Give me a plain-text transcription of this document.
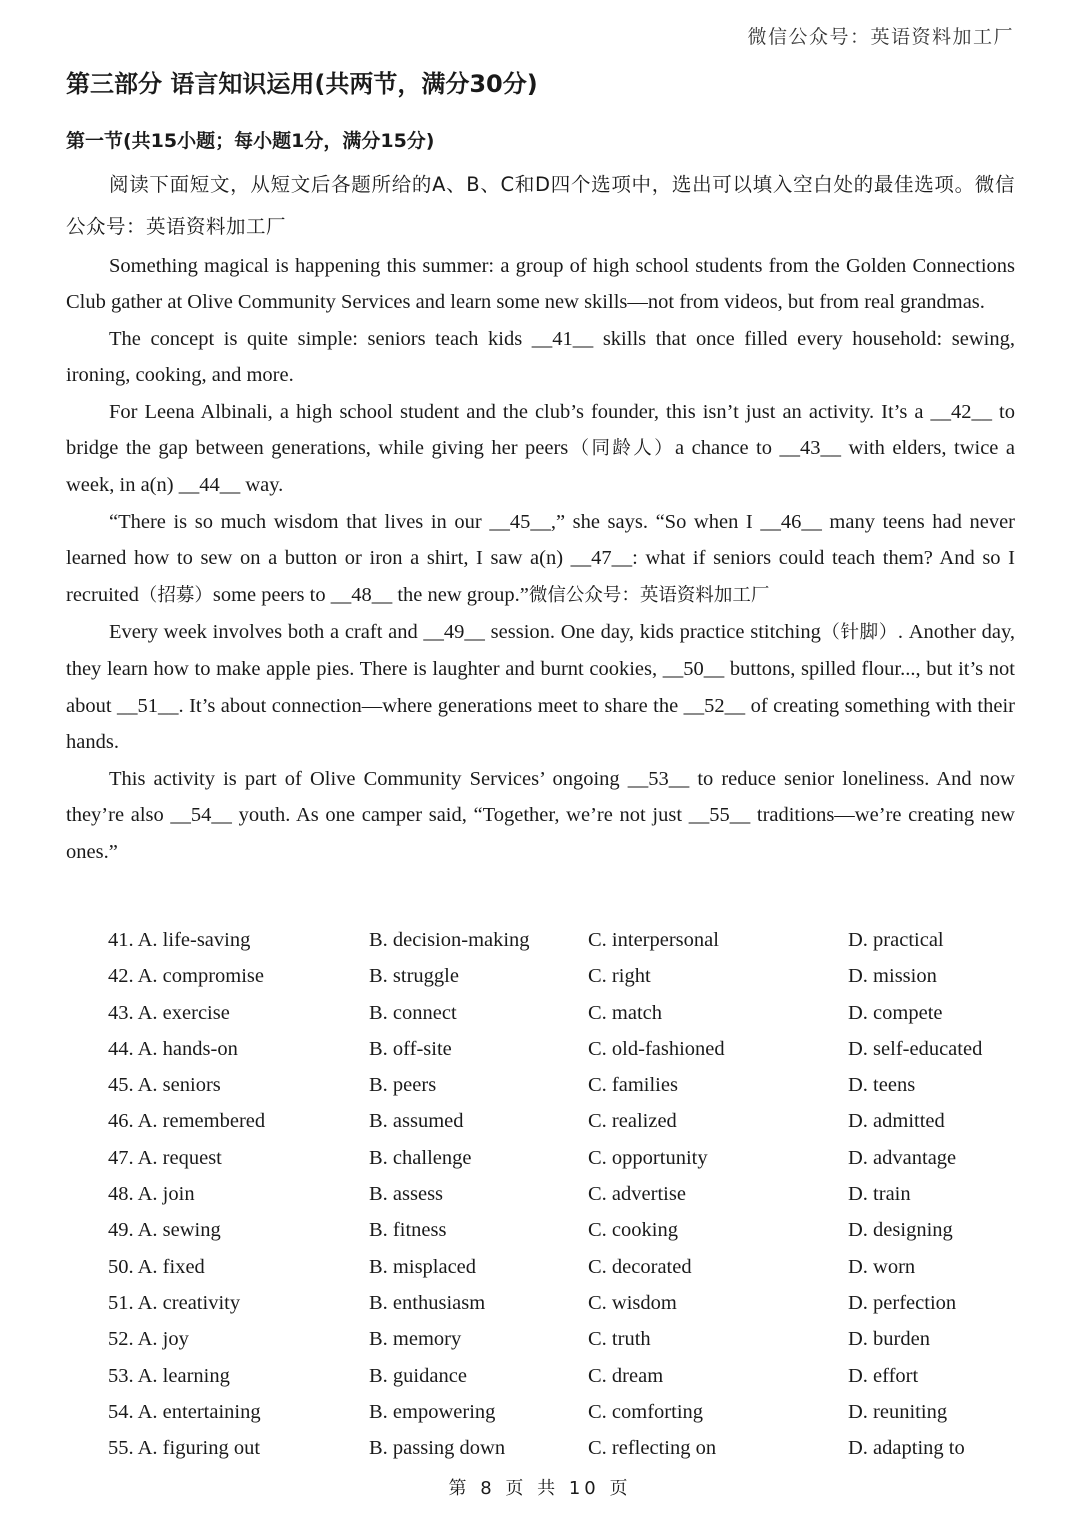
微信公众号：英语资料加工厂
第三部分 语言知识运用(共两节，满分30分)
第一节(共15小题；每小题1分，满分15分)

阅读下面短文，从短文后各题所给的A、B、C和D四个选项中，选出可以填入空白处的最佳选项。微信公众号：英语资料加工厂

Something magical is happening this summer: a group of high school students from the Golden Connections Club gather at Olive Community Services and learn some new skills—not from videos, but from real grandmas.

The concept is quite simple: seniors teach kids __41__ skills that once filled every household: sewing, ironing, cooking, and more.

For Leena Albinali, a high school student and the club’s founder, this isn’t just an activity. It’s a __42__ to bridge the gap between generations, while giving her peers（同龄人）a chance to __43__ with elders, twice a week, in a(n) __44__ way.

“There is so much wisdom that lives in our __45__,” she says. “So when I __46__ many teens had never learned how to sew on a button or iron a shirt, I saw a(n) __47__: what if seniors could teach them? And so I recruited（招募）some peers to __48__ the new group.”微信公众号：英语资料加工厂

Every week involves both a craft and __49__ session. One day, kids practice stitching（针脚）. Another day, they learn how to make apple pies. There is laughter and burnt cookies, __50__ buttons, spilled flour..., but it’s not about __51__. It’s about connection—where generations meet to share the __52__ of creating something with their hands.

This activity is part of Olive Community Services’ ongoing __53__ to reduce senior loneliness. And now they’re also __54__ youth. As one camper said, “Together, we’re not just __55__ traditions—we’re creating new ones.”

41. A. life-saving	B. decision-making	C. interpersonal	D. practical
42. A. compromise	B. struggle	C. right	D. mission
43. A. exercise	B. connect	C. match	D. compete
44. A. hands-on	B. off-site	C. old-fashioned	D. self-educated
45. A. seniors	B. peers	C. families	D. teens
46. A. remembered	B. assumed	C. realized	D. admitted
47. A. request	B. challenge	C. opportunity	D. advantage
48. A. join	B. assess	C. advertise	D. train
49. A. sewing	B. fitness	C. cooking	D. designing
50. A. fixed	B. misplaced	C. decorated	D. worn
51. A. creativity	B. enthusiasm	C. wisdom	D. perfection
52. A. joy	B. memory	C. truth	D. burden
53. A. learning	B. guidance	C. dream	D. effort
54. A. entertaining	B. empowering	C. comforting	D. reuniting
55. A. figuring out	B. passing down	C. reflecting on	D. adapting to
第 8 页 共 10 页
